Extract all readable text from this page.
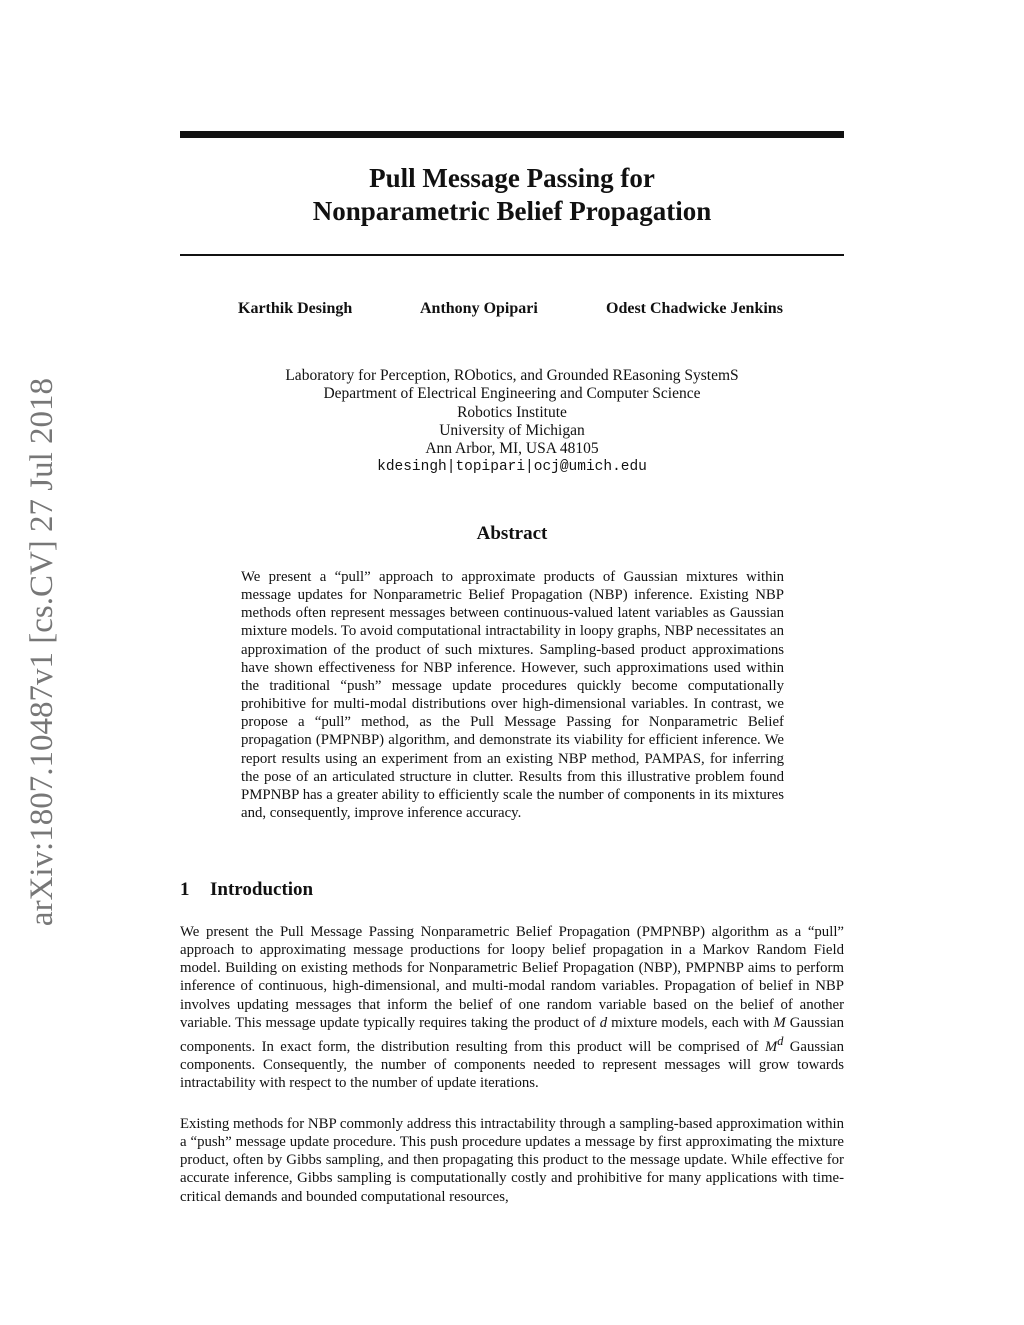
arXiv:1807.10487v1 [cs.CV] 27 Jul 2018
Pull Message Passing for
Nonparametric Belief Propagation
Karthik Desingh	Anthony Opipari	Odest Chadwicke Jenkins
Laboratory for Perception, RObotics, and Grounded REasoning SystemS
Department of Electrical Engineering and Computer Science
Robotics Institute
University of Michigan
Ann Arbor, MI, USA 48105
kdesingh|topipari|ocj@umich.edu
Abstract

We present a “pull” approach to approximate products of Gaussian mixtures within message updates for Nonparametric Belief Propagation (NBP) inference. Existing NBP methods often represent messages between continuous-valued latent variables as Gaussian mixture models. To avoid computational intractability in loopy graphs, NBP necessitates an approximation of the product of such mixtures. Sampling-based product approximations have shown effectiveness for NBP inference. However, such approximations used within the traditional “push” message update procedures quickly become computationally prohibitive for multi-modal distributions over high-dimensional variables. In contrast, we propose a “pull” method, as the Pull Message Passing for Nonparametric Belief propagation (PMPNBP) algorithm, and demonstrate its viability for efficient inference. We report results using an experiment from an existing NBP method, PAMPAS, for inferring the pose of an articulated structure in clutter. Results from this illustrative problem found PMPNBP has a greater ability to efficiently scale the number of components in its mixtures and, consequently, improve inference accuracy.

1 Introduction

We present the Pull Message Passing Nonparametric Belief Propagation (PMPNBP) algorithm as a “pull” approach to approximating message productions for loopy belief propagation in a Markov Random Field model. Building on existing methods for Nonparametric Belief Propagation (NBP), PMPNBP aims to perform inference of continuous, high-dimensional, and multi-modal random variables. Propagation of belief in NBP involves updating messages that inform the belief of one random variable based on the belief of another variable. This message update typically requires taking the product of d mixture models, each with M Gaussian components. In exact form, the distribution resulting from this product will be comprised of $M^d$ Gaussian components. Consequently, the number of components needed to represent messages will grow towards intractability with respect to the number of update iterations.

Existing methods for NBP commonly address this intractability through a sampling-based approximation within a “push” message update procedure. This push procedure updates a message by first approximating the mixture product, often by Gibbs sampling, and then propagating this product to the message update. While effective for accurate inference, Gibbs sampling is computationally costly and prohibitive for many applications with time-critical demands and bounded computational resources,
